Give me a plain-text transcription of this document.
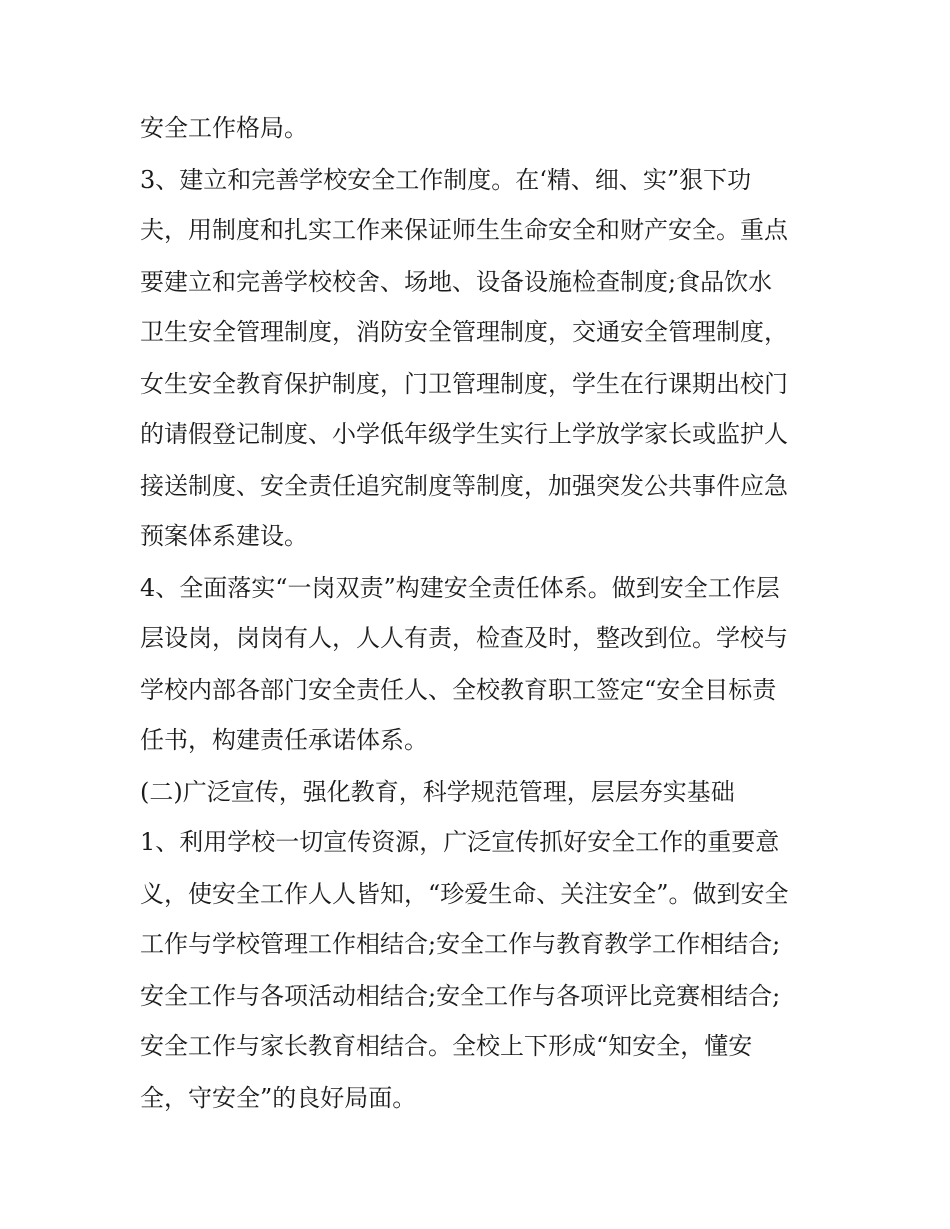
安全工作格局。
3、建立和完善学校安全工作制度。在‘精、细、实”狠下功
夫，用制度和扎实工作来保证师生生命安全和财产安全。重点
要建立和完善学校校舍、场地、设备设施检查制度;食品饮水
卫生安全管理制度，消防安全管理制度，交通安全管理制度，
女生安全教育保护制度，门卫管理制度，学生在行课期出校门
的请假登记制度、小学低年级学生实行上学放学家长或监护人
接送制度、安全责任追究制度等制度，加强突发公共事件应急
预案体系建设。
4、全面落实“一岗双责”构建安全责任体系。做到安全工作层
层设岗，岗岗有人，人人有责，检查及时，整改到位。学校与
学校内部各部门安全责任人、全校教育职工签定“安全目标责
任书，构建责任承诺体系。
(二)广泛宣传，强化教育，科学规范管理，层层夯实基础
1、利用学校一切宣传资源，广泛宣传抓好安全工作的重要意
义，使安全工作人人皆知，“珍爱生命、关注安全”。做到安全
工作与学校管理工作相结合;安全工作与教育教学工作相结合;
安全工作与各项活动相结合;安全工作与各项评比竞赛相结合;
安全工作与家长教育相结合。全校上下形成“知安全，懂安
全，守安全”的良好局面。
